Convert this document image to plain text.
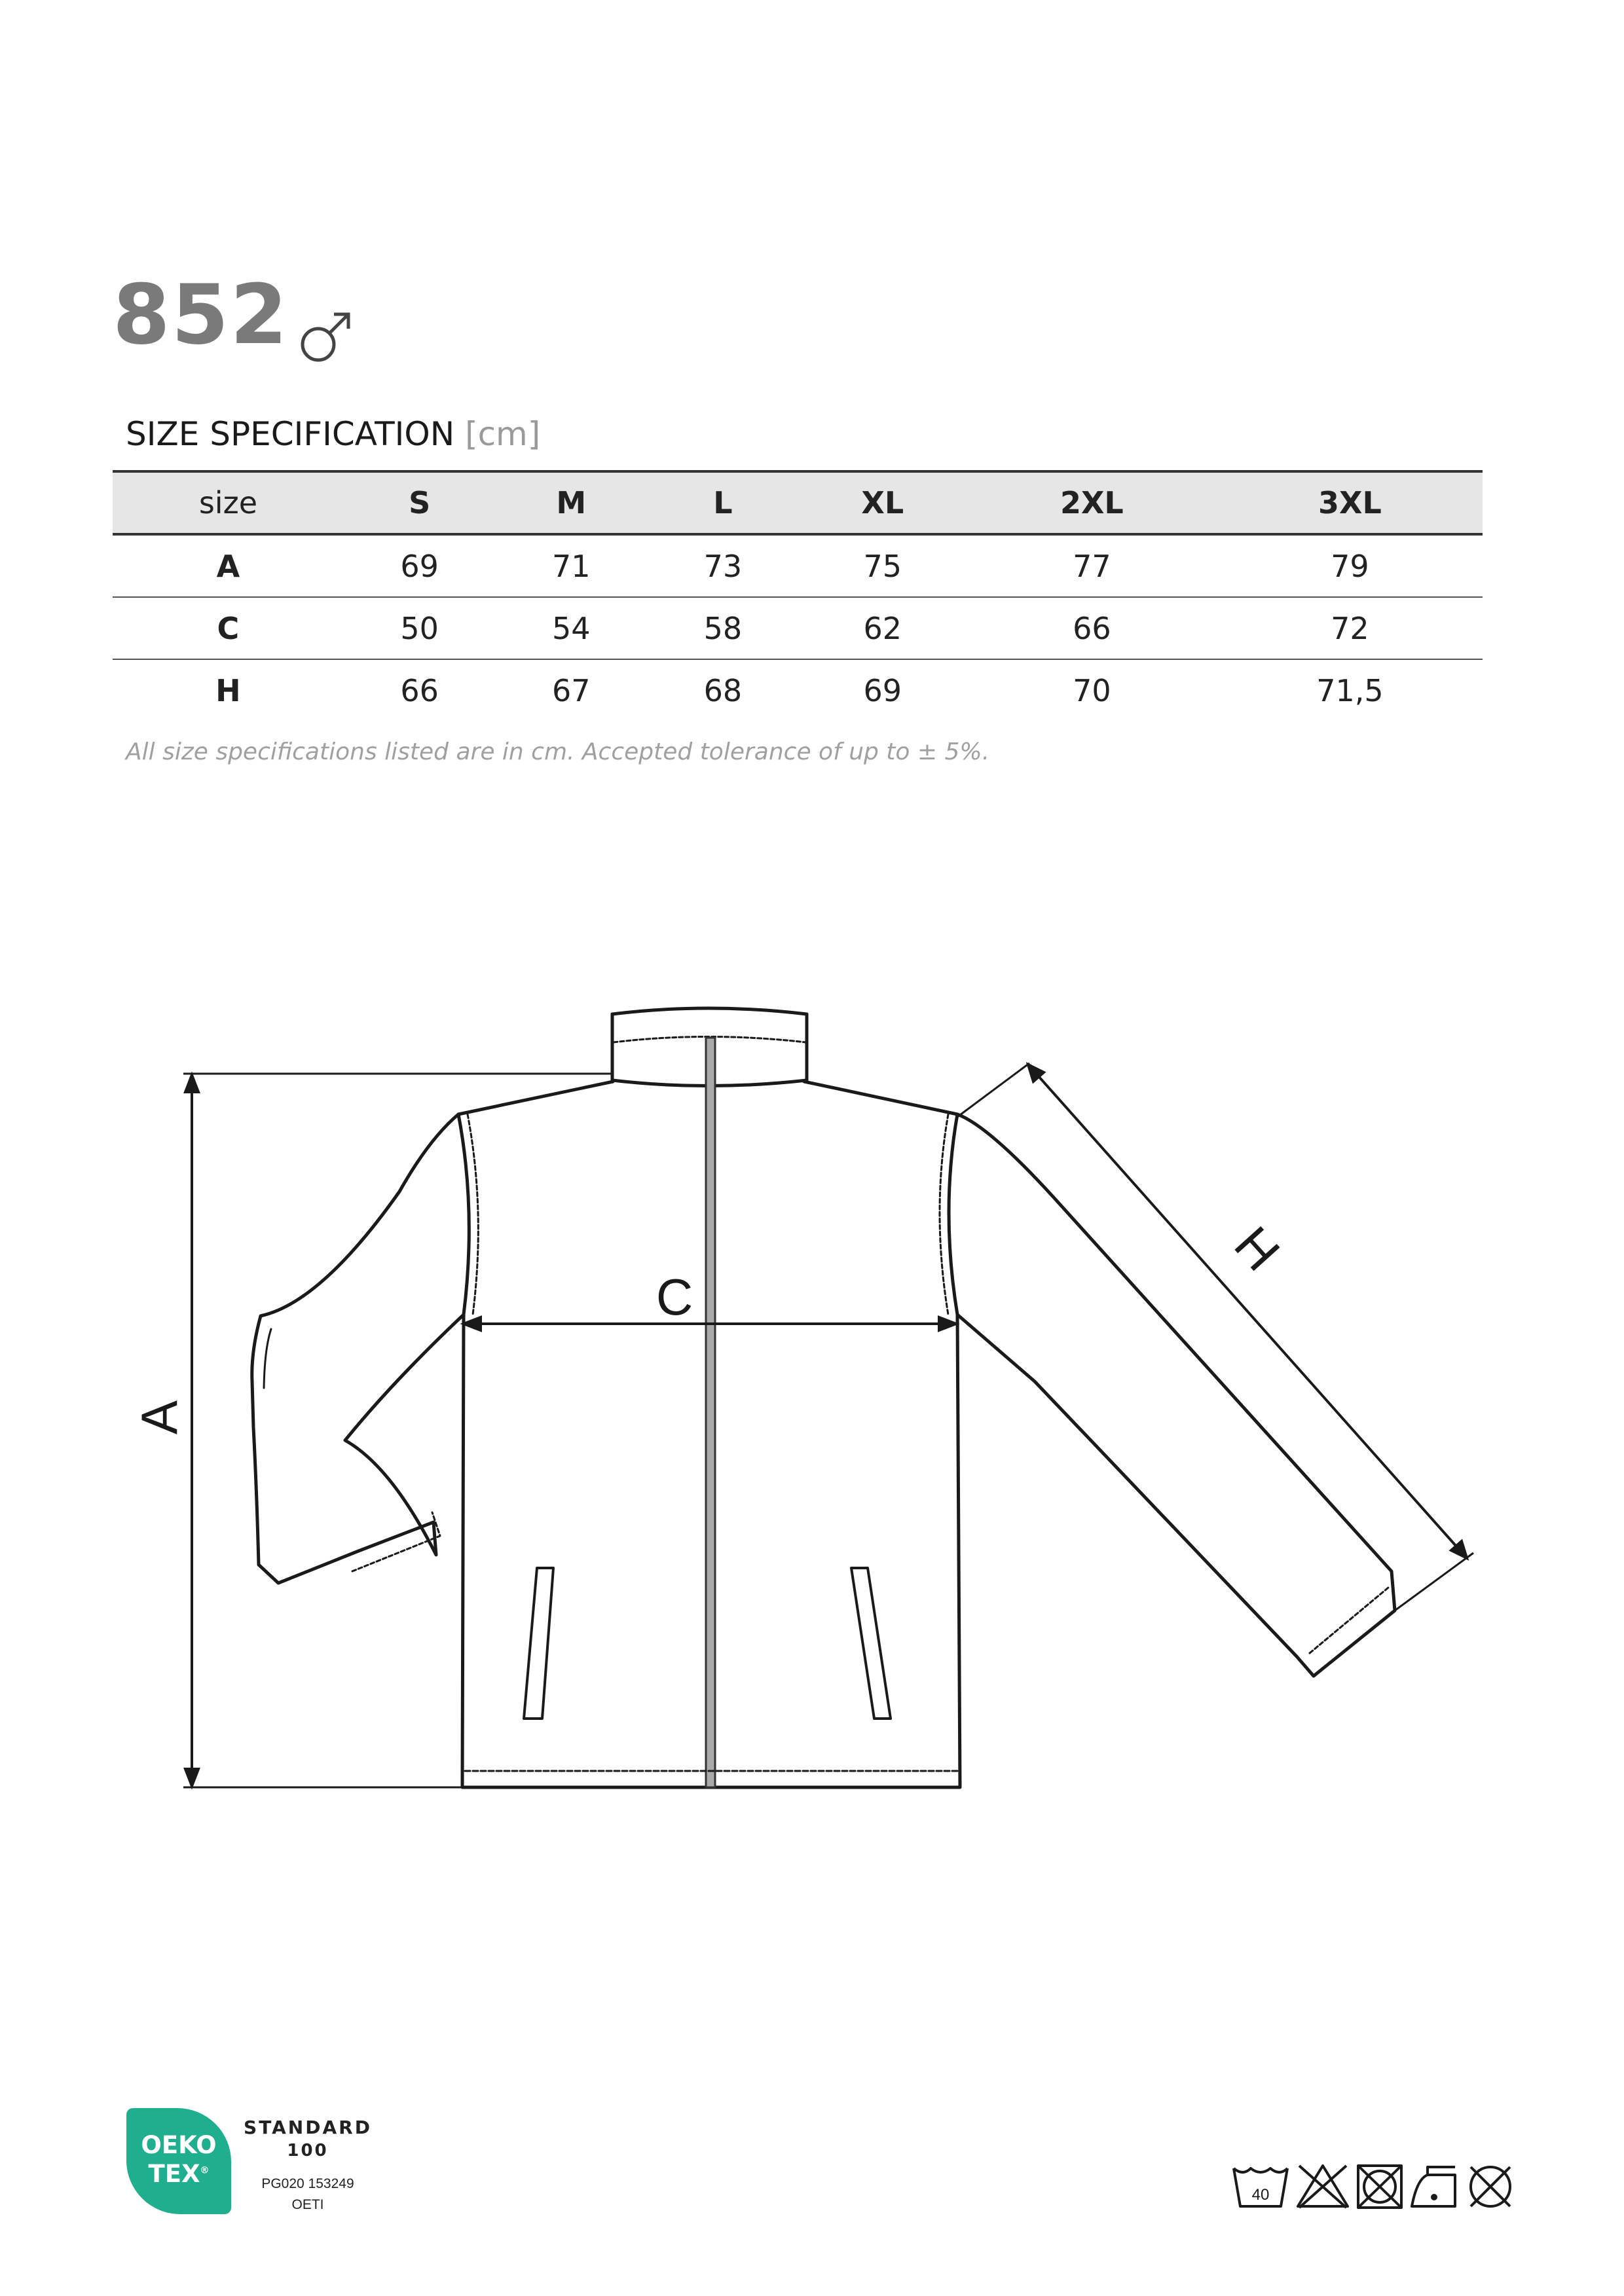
852
SIZE SPECIFICATION [cm]
size	S	M	L	XL	2XL	3XL
A	69	71	73	75	77	79
C	50	54	58	62	66	72
H	66	67	68	69	70	71,5
All size specifications listed are in cm. Accepted tolerance of up to ± 5%.
A
C
H
OEKO
TEX®
STANDARD
100
PG020 153249
OETI
40
